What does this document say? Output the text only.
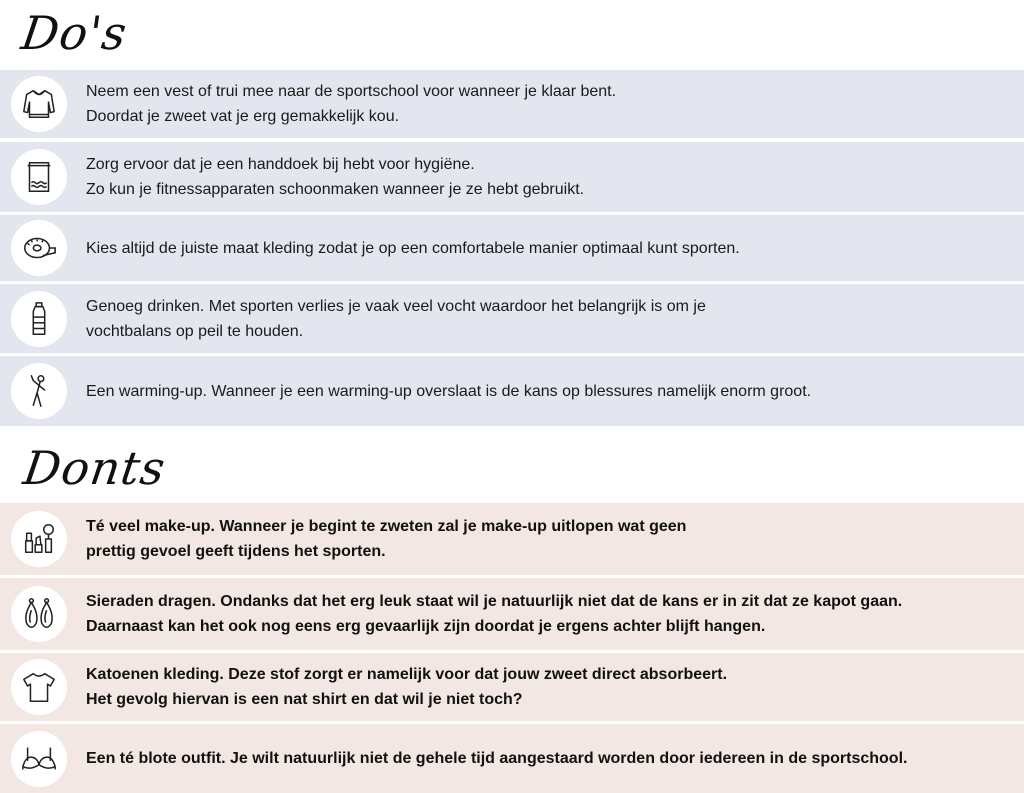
Do's
Neem een vest of trui mee naar de sportschool voor wanneer je klaar bent.
Doordat je zweet vat je erg gemakkelijk kou.
Zorg ervoor dat je een handdoek bij hebt voor hygiëne.
Zo kun je fitnessapparaten schoonmaken wanneer je ze hebt gebruikt.
Kies altijd de juiste maat kleding zodat je op een comfortabele manier optimaal kunt sporten.
Genoeg drinken. Met sporten verlies je vaak veel vocht waardoor het belangrijk is om je
vochtbalans op peil te houden.
Een warming-up. Wanneer je een warming-up overslaat is de kans op blessures namelijk enorm groot.
Donts
Té veel make-up. Wanneer je begint te zweten zal je make-up uitlopen wat geen
prettig gevoel geeft tijdens het sporten.
Sieraden dragen. Ondanks dat het erg leuk staat wil je natuurlijk niet dat de kans er in zit dat ze kapot gaan.
Daarnaast kan het ook nog eens erg gevaarlijk zijn doordat je ergens achter blijft hangen.
Katoenen kleding. Deze stof zorgt er namelijk voor dat jouw zweet direct absorbeert.
Het gevolg hiervan is een nat shirt en dat wil je niet toch?
Een té blote outfit. Je wilt natuurlijk niet de gehele tijd aangestaard worden door iedereen in de sportschool.
